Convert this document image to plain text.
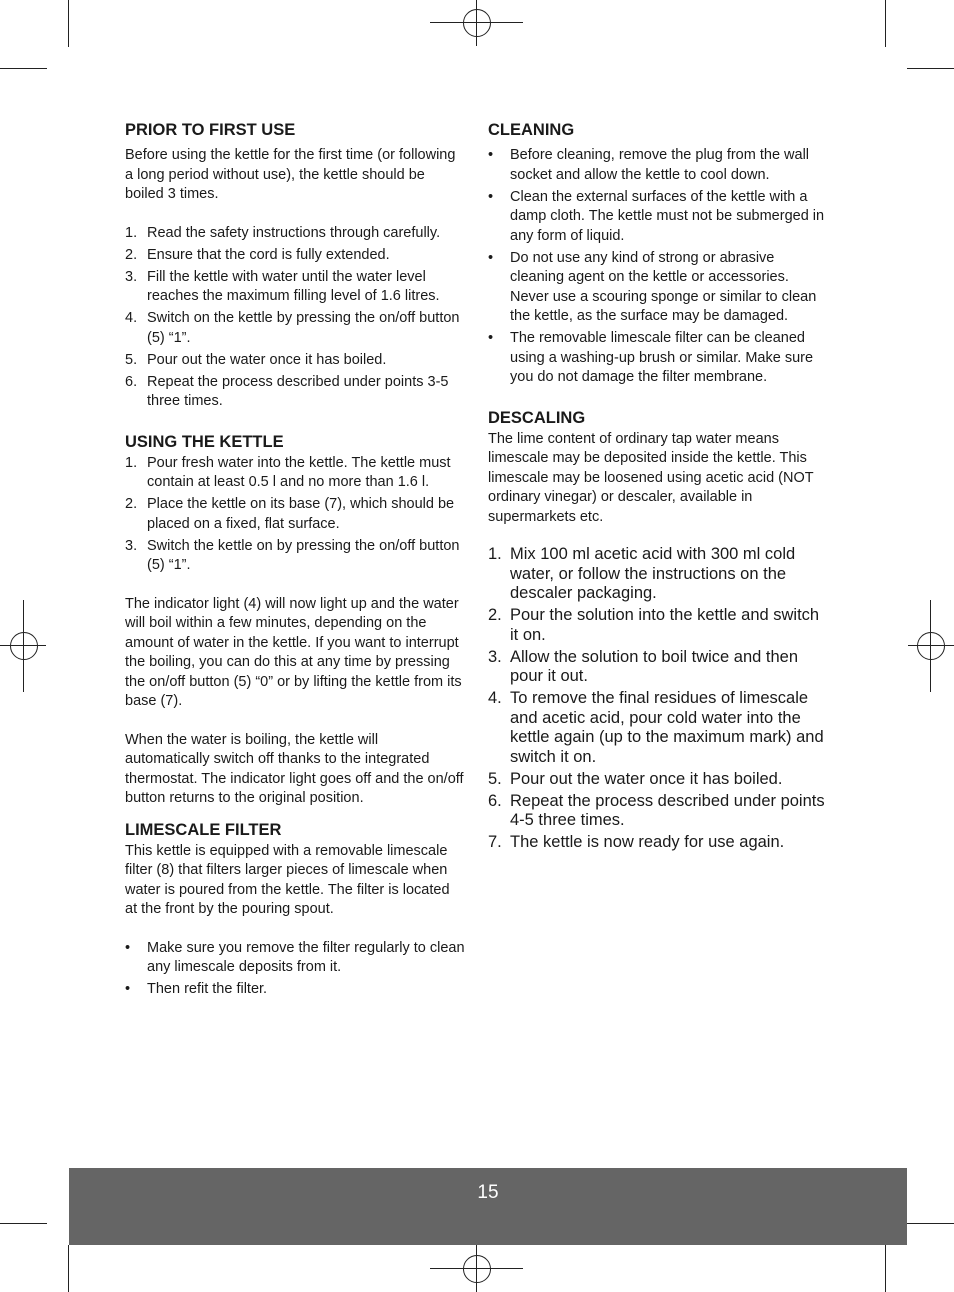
PRIOR TO FIRST USE

Before using the kettle for the first time (or following a long period without use), the kettle should be boiled 3 times.

1. Read the safety instructions through carefully.
2. Ensure that the cord is fully extended.
3. Fill the kettle with water until the water level reaches the maximum filling level of 1.6 litres.
4. Switch on the kettle by pressing the on/off button (5) “1”.
5. Pour out the water once it has boiled.
6. Repeat the process described under points 3-5 three times.
USING THE KETTLE
1. Pour fresh water into the kettle. The kettle must contain at least 0.5 l and no more than 1.6 l.
2. Place the kettle on its base (7), which should be placed on a fixed, flat surface.
3. Switch the kettle on by pressing the on/off button (5) “1”.

The indicator light (4) will now light up and the water will boil within a few minutes, depending on the amount of water in the kettle. If you want to interrupt the boiling, you can do this at any time by pressing the on/off button (5) “0” or by lifting the kettle from its base (7).

When the water is boiling, the kettle will automatically switch off thanks to the integrated thermostat. The indicator light goes off and the on/off button returns to the original position.

LIMESCALE FILTER

This kettle is equipped with a removable limescale filter (8) that filters larger pieces of limescale when water is poured from the kettle. The filter is located at the front by the pouring spout.

• Make sure you remove the filter regularly to clean any limescale deposits from it.
• Then refit the filter.
CLEANING
• Before cleaning, remove the plug from the wall socket and allow the kettle to cool down.
• Clean the external surfaces of the kettle with a damp cloth. The kettle must not be submerged in any form of liquid.
• Do not use any kind of strong or abrasive cleaning agent on the kettle or accessories. Never use a scouring sponge or similar to clean the kettle, as the surface may be damaged.
• The removable limescale filter can be cleaned using a washing-up brush or similar. Make sure you do not damage the filter membrane.
DESCALING

The lime content of ordinary tap water means limescale may be deposited inside the kettle. This limescale may be loosened using acetic acid (NOT ordinary vinegar) or descaler, available in supermarkets etc.

1. Mix 100 ml acetic acid with 300 ml cold water, or follow the instructions on the descaler packaging.
2. Pour the solution into the kettle and switch it on.
3. Allow the solution to boil twice and then pour it out.
4. To remove the final residues of limescale and acetic acid, pour cold water into the kettle again (up to the maximum mark) and switch it on.
5. Pour out the water once it has boiled.
6. Repeat the process described under points 4-5 three times.
7. The kettle is now ready for use again.
15
